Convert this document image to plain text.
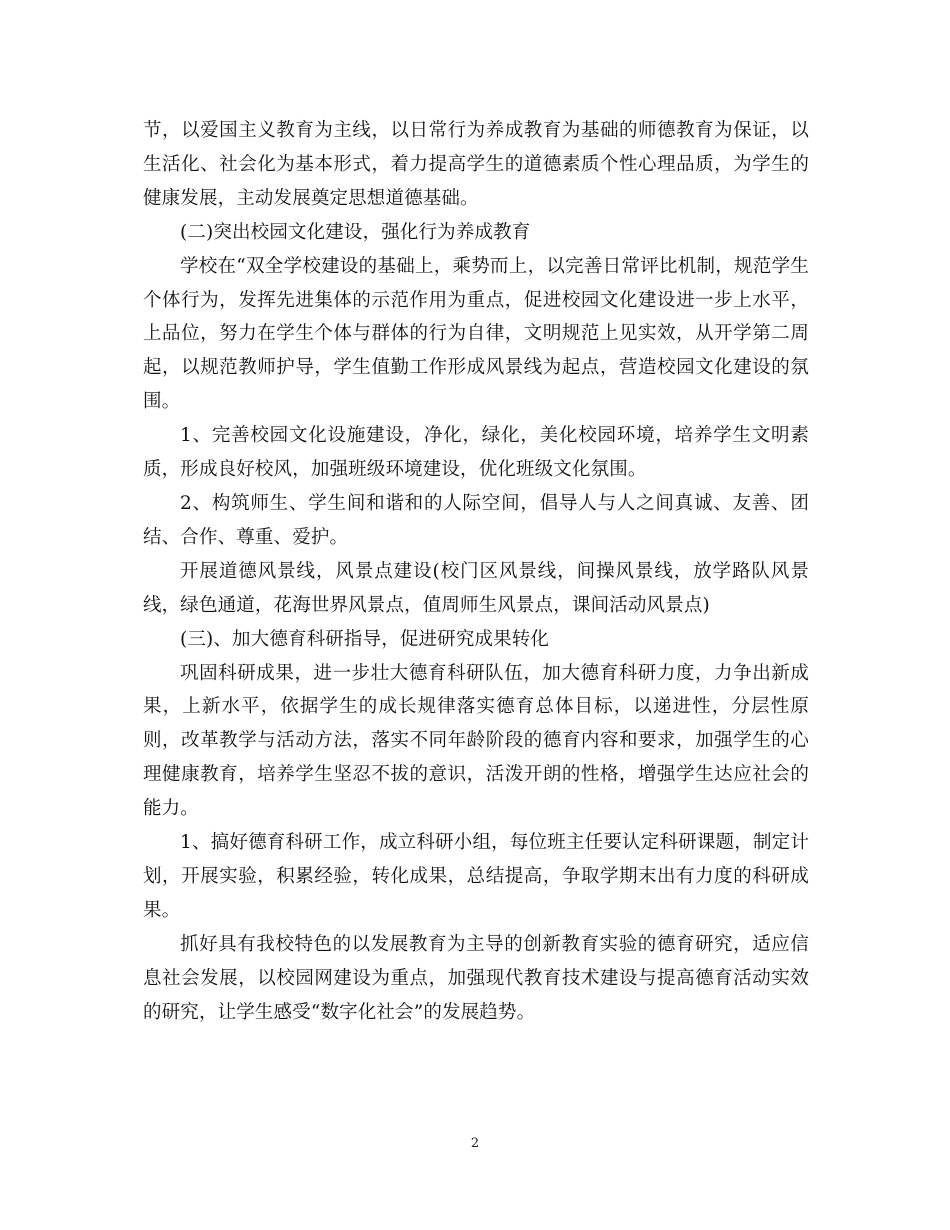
节，以爱国主义教育为主线，以日常行为养成教育为基础的师德教育为保证，以生活化、社会化为基本形式，着力提高学生的道德素质个性心理品质，为学生的健康发展，主动发展奠定思想道德基础。

(二)突出校园文化建设，强化行为养成教育

学校在“双全学校建设的基础上，乘势而上，以完善日常评比机制，规范学生个体行为，发挥先进集体的示范作用为重点，促进校园文化建设进一步上水平，上品位，努力在学生个体与群体的行为自律，文明规范上见实效，从开学第二周起，以规范教师护导，学生值勤工作形成风景线为起点，营造校园文化建设的氛围。

1、完善校园文化设施建设，净化，绿化，美化校园环境，培养学生文明素质，形成良好校风，加强班级环境建设，优化班级文化氛围。

2、构筑师生、学生间和谐和的人际空间，倡导人与人之间真诚、友善、团结、合作、尊重、爱护。

开展道德风景线，风景点建设(校门区风景线，间操风景线，放学路队风景线，绿色通道，花海世界风景点，值周师生风景点，课间活动风景点)

(三)、加大德育科研指导，促进研究成果转化

巩固科研成果，进一步壮大德育科研队伍，加大德育科研力度，力争出新成果，上新水平，依据学生的成长规律落实德育总体目标，以递进性，分层性原则，改革教学与活动方法，落实不同年龄阶段的德育内容和要求，加强学生的心理健康教育，培养学生坚忍不拔的意识，活泼开朗的性格，增强学生达应社会的能力。

1、搞好德育科研工作，成立科研小组，每位班主任要认定科研课题，制定计划，开展实验，积累经验，转化成果，总结提高，争取学期末出有力度的科研成果。

抓好具有我校特色的以发展教育为主导的创新教育实验的德育研究，适应信息社会发展，以校园网建设为重点，加强现代教育技术建设与提高德育活动实效的研究，让学生感受“数字化社会”的发展趋势。

2
